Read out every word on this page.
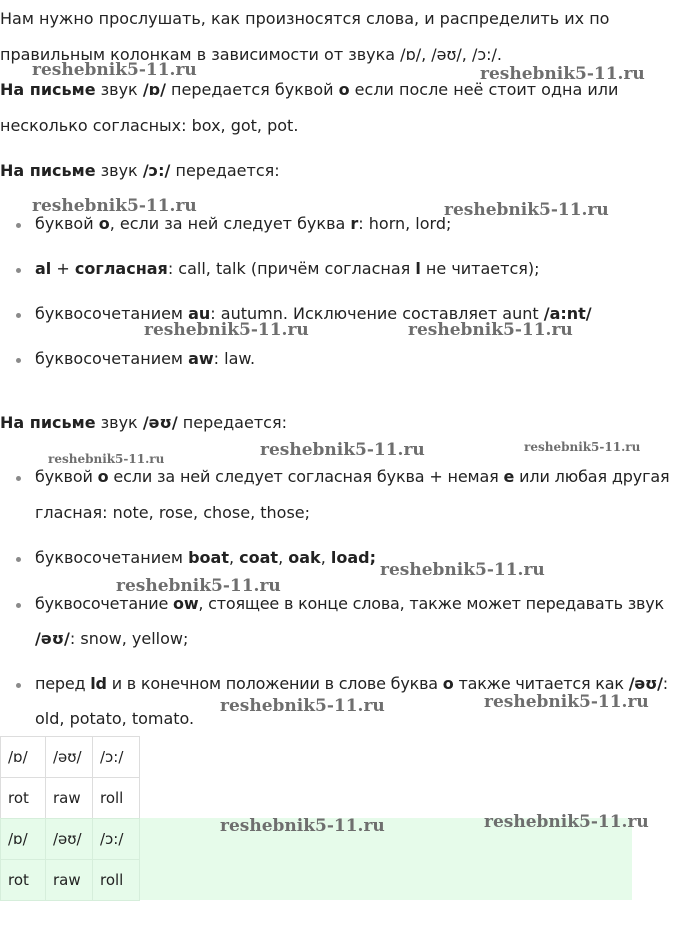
Нам нужно прослушать, как произносятся слова, и распределить их по
правильным колонкам в зависимости от звука /ɒ/, /əʊ/, /ɔ:/.
На письме звук /ɒ/ передается буквой о если после неё стоит одна или
несколько согласных: box, got, pot.
На письме звук /ɔ:/ передается:
буквой о, если за ней следует буква r: horn, lord;
al + согласная: call, talk (причём согласная l не читается);
буквосочетанием au: autumn. Исключение составляет aunt /a:nt/
буквосочетанием aw: law.
На письме звук /əʊ/ передается:
буквой о если за ней следует согласная буква + немая e или любая другая
гласная: note, rose, chose, those;
буквосочетанием boat, coat, oak, load;
буквосочетание ow, стоящее в конце слова, также может передавать звук
/əʊ/: snow, yellow;
перед ld и в конечном положении в слове буква о также читается как /əʊ/:
old, potato, tomato.
/ɒ/	/əʊ/	/ɔ:/
rot	raw	roll
/ɒ/	/əʊ/	/ɔ:/
rot	raw	roll
reshebnik5-11.ru	reshebnik5-11.ru
reshebnik5-11.ru	reshebnik5-11.ru
reshebnik5-11.ru	reshebnik5-11.ru
reshebnik5-11.ru	reshebnik5-11.ru	reshebnik5-11.ru
reshebnik5-11.ru
reshebnik5-11.ru
reshebnik5-11.ru
reshebnik5-11.ru
reshebnik5-11.ru	reshebnik5-11.ru
